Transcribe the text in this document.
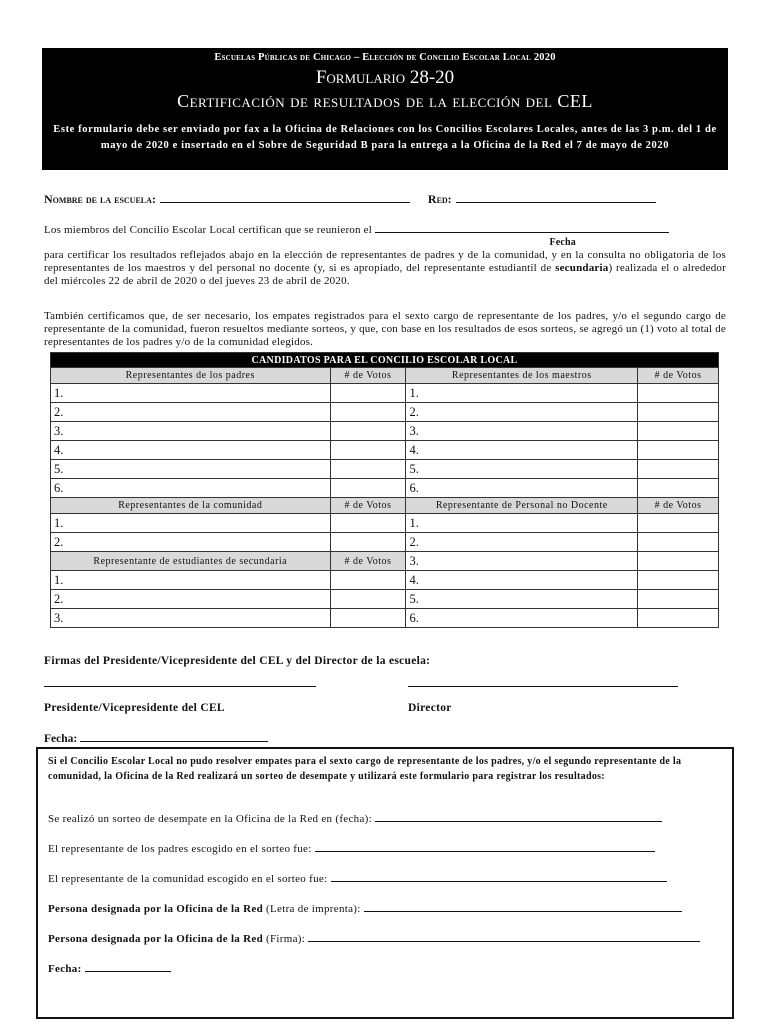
Escuelas Públicas de Chicago – Elección de Concilio Escolar Local 2020
Formulario 28-20
Certificación de resultados de la elección del CEL
Este formulario debe ser enviado por fax a la Oficina de Relaciones con los Concilios Escolares Locales, antes de las 3 p.m. del 1 de mayo de 2020 e insertado en el Sobre de Seguridad B para la entrega a la Oficina de la Red el 7 de mayo de 2020
Nombre de la escuela:	Red:
Los miembros del Concilio Escolar Local certifican que se reunieron el
Fecha
para certificar los resultados reflejados abajo en la elección de representantes de padres y de la comunidad, y en la consulta no obligatoria de los representantes de los maestros y del personal no docente (y, si es apropiado, del representante estudiantil de secundaria) realizada el o alrededor del miércoles 22 de abril de 2020 o del jueves 23 de abril de 2020.
También certificamos que, de ser necesario, los empates registrados para el sexto cargo de representante de los padres, y/o el segundo cargo de representante de la comunidad, fueron resueltos mediante sorteos, y que, con base en los resultados de esos sorteos, se agregó un (1) voto al total de representantes de los padres y/o de la comunidad elegidos.
CANDIDATOS PARA EL CONCILIO ESCOLAR LOCAL			
Representantes de los padres	# de Votos	Representantes de los maestros	# de Votos
1.		1.	
2.		2.	
3.		3.	
4.		4.	
5.		5.	
6.		6.	
Representantes de la comunidad	# de Votos	Representante de Personal no Docente	# de Votos
1.		1.	
2.		2.	
Representante de estudiantes de secundaria	# de Votos	3.	
1.		4.	
2.		5.	
3.		6.	
Firmas del Presidente/Vicepresidente del CEL y del Director de la escuela:
Presidente/Vicepresidente del CEL	Director
Fecha:
Si el Concilio Escolar Local no pudo resolver empates para el sexto cargo de representante de los padres, y/o el segundo representante de la comunidad, la Oficina de la Red realizará un sorteo de desempate y utilizará este formulario para registrar los resultados:
Se realizó un sorteo de desempate en la Oficina de la Red en (fecha):
El representante de los padres escogido en el sorteo fue:
El representante de la comunidad escogido en el sorteo fue:
Persona designada por la Oficina de la Red (Letra de imprenta):
Persona designada por la Oficina de la Red (Firma):
Fecha:
